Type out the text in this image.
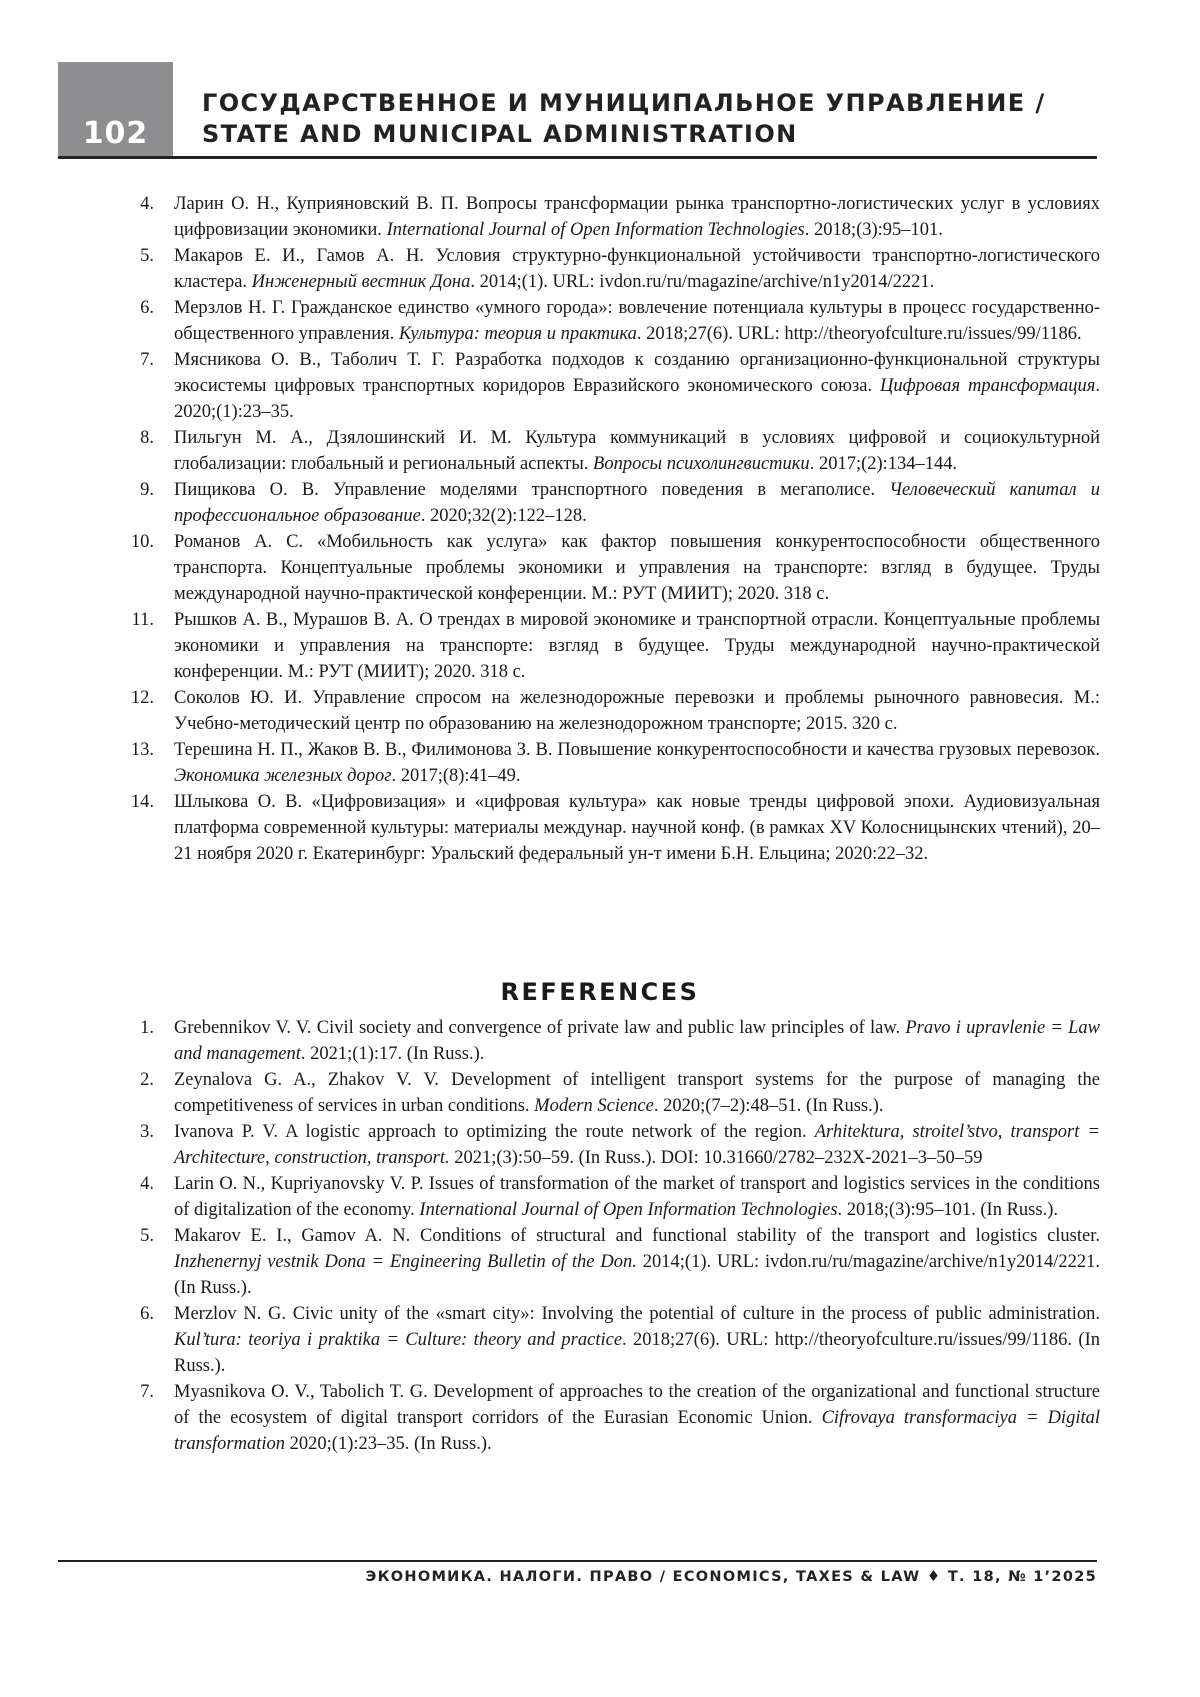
102
ГОСУДАРСТВЕННОЕ И МУНИЦИПАЛЬНОЕ УПРАВЛЕНИЕ /
STATE AND MUNICIPAL ADMINISTRATION
4. Ларин О. Н., Куприяновский В. П. Вопросы трансформации рынка транспортно-логистических услуг в условиях цифровизации экономики. International Journal of Open Information Technologies. 2018;(3):95–101.
5. Макаров Е. И., Гамов А. Н. Условия структурно-функциональной устойчивости транспортно-логистического кластера. Инженерный вестник Дона. 2014;(1). URL: ivdon.ru/ru/magazine/archive/n1y2014/2221.
6. Мерзлов Н. Г. Гражданское единство «умного города»: вовлечение потенциала культуры в процесс государственно-общественного управления. Культура: теория и практика. 2018;27(6). URL: http://theoryofculture.ru/issues/99/1186.
7. Мясникова О. В., Таболич Т. Г. Разработка подходов к созданию организационно-функциональной структуры экосистемы цифровых транспортных коридоров Евразийского экономического союза. Цифровая трансформация. 2020;(1):23–35.
8. Пильгун М. А., Дзялошинский И. М. Культура коммуникаций в условиях цифровой и социокультурной глобализации: глобальный и региональный аспекты. Вопросы психолингвистики. 2017;(2):134–144.
9. Пищикова О. В. Управление моделями транспортного поведения в мегаполисе. Человеческий капитал и профессиональное образование. 2020;32(2):122–128.
10. Романов А. С. «Мобильность как услуга» как фактор повышения конкурентоспособности общественного транспорта. Концептуальные проблемы экономики и управления на транспорте: взгляд в будущее. Труды международной научно-практической конференции. М.: РУТ (МИИТ); 2020. 318 с.
11. Рышков А. В., Мурашов В. А. О трендах в мировой экономике и транспортной отрасли. Концептуальные проблемы экономики и управления на транспорте: взгляд в будущее. Труды международной научно-практической конференции. М.: РУТ (МИИТ); 2020. 318 с.
12. Соколов Ю. И. Управление спросом на железнодорожные перевозки и проблемы рыночного равновесия. М.: Учебно-методический центр по образованию на железнодорожном транспорте; 2015. 320 с.
13. Терешина Н. П., Жаков В. В., Филимонова З. В. Повышение конкурентоспособности и качества грузовых перевозок. Экономика железных дорог. 2017;(8):41–49.
14. Шлыкова О. В. «Цифровизация» и «цифровая культура» как новые тренды цифровой эпохи. Аудиовизуальная платформа современной культуры: материалы междунар. научной конф. (в рамках XV Колосницынских чтений), 20–21 ноября 2020 г. Екатеринбург: Уральский федеральный ун-т имени Б.Н. Ельцина; 2020:22–32.
REFERENCES
1. Grebennikov V. V. Civil society and convergence of private law and public law principles of law. Pravo i upravlenie = Law and management. 2021;(1):17. (In Russ.).
2. Zeynalova G. A., Zhakov V. V. Development of intelligent transport systems for the purpose of managing the competitiveness of services in urban conditions. Modern Science. 2020;(7–2):48–51. (In Russ.).
3. Ivanova P. V. A logistic approach to optimizing the route network of the region. Arhitektura, stroitel’stvo, transport = Architecture, construction, transport. 2021;(3):50–59. (In Russ.). DOI: 10.31660/2782–232X-2021–3–50–59
4. Larin O. N., Kupriyanovsky V. P. Issues of transformation of the market of transport and logistics services in the conditions of digitalization of the economy. International Journal of Open Information Technologies. 2018;(3):95–101. (In Russ.).
5. Makarov E. I., Gamov A. N. Conditions of structural and functional stability of the transport and logistics cluster. Inzhenernyj vestnik Dona = Engineering Bulletin of the Don. 2014;(1). URL: ivdon.ru/ru/magazine/archive/n1y2014/2221. (In Russ.).
6. Merzlov N. G. Civic unity of the «smart city»: Involving the potential of culture in the process of public administration. Kul’tura: teoriya i praktika = Culture: theory and practice. 2018;27(6). URL: http://theoryofculture.ru/issues/99/1186. (In Russ.).
7. Myasnikova O. V., Tabolich T. G. Development of approaches to the creation of the organizational and functional structure of the ecosystem of digital transport corridors of the Eurasian Economic Union. Cifrovaya transformaciya = Digital transformation 2020;(1):23–35. (In Russ.).
ЭКОНОМИКА. НАЛОГИ. ПРАВО / ECONOMICS, TAXES & LAW ♦ Т. 18, № 1’2025
